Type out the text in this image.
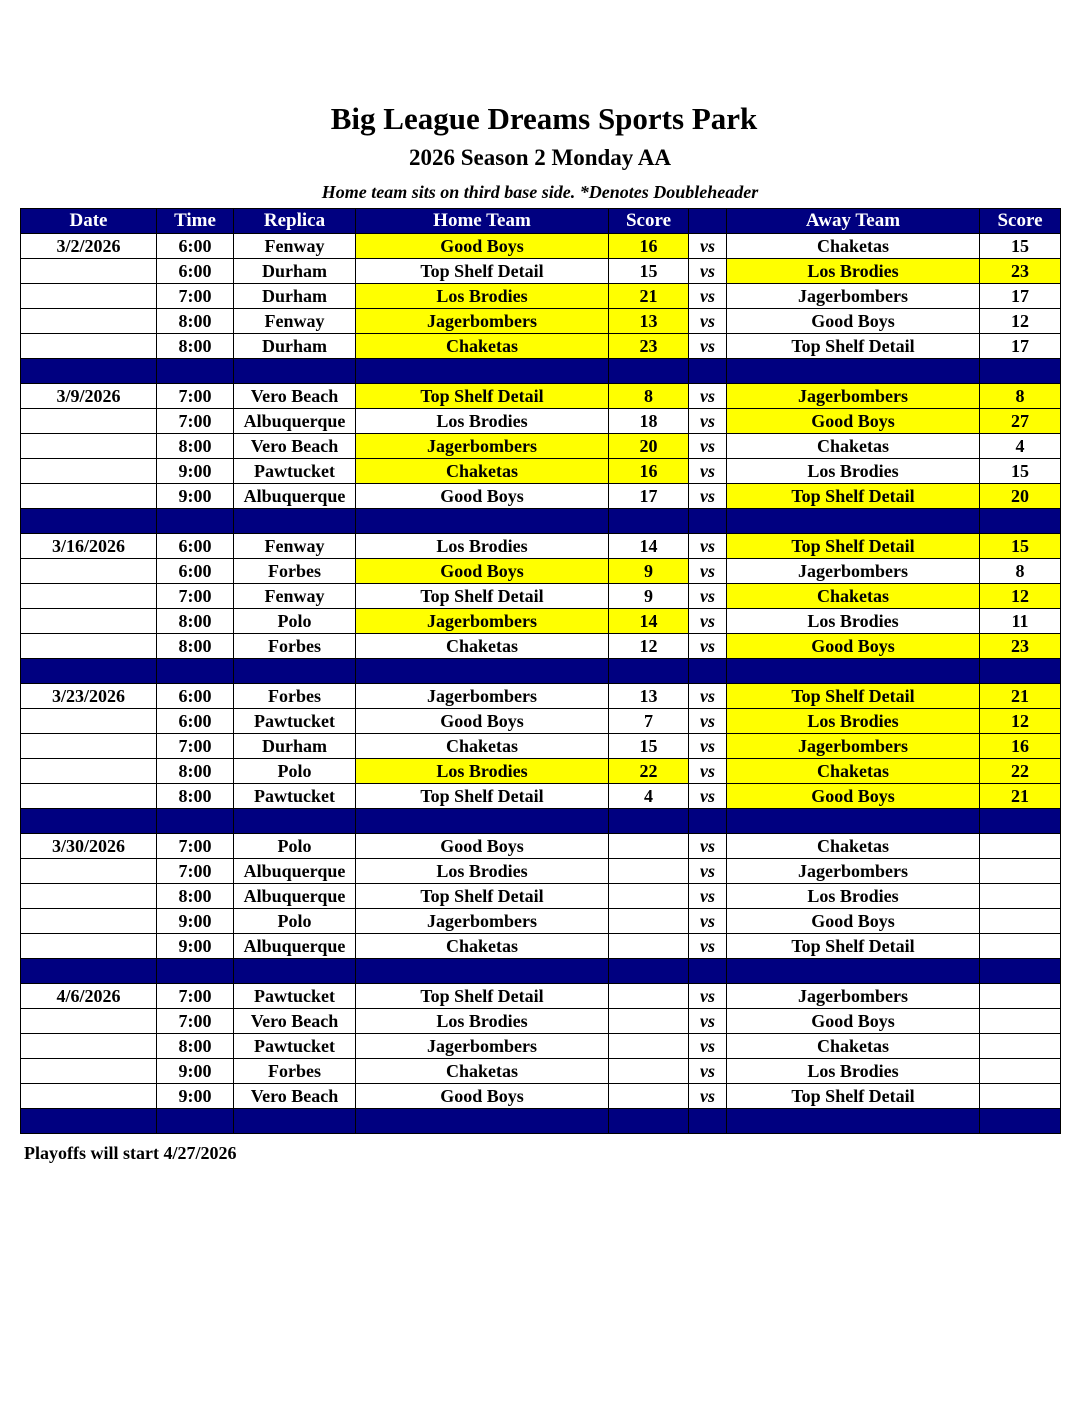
Big League Dreams Sports Park
2026 Season 2 Monday AA
Home team sits on third base side. *Denotes Doubleheader
Date	Time	Replica	Home Team	Score		Away Team	Score
3/2/2026	6:00	Fenway	Good Boys	16	vs	Chaketas	15
	6:00	Durham	Top Shelf Detail	15	vs	Los Brodies	23
	7:00	Durham	Los Brodies	21	vs	Jagerbombers	17
	8:00	Fenway	Jagerbombers	13	vs	Good Boys	12
	8:00	Durham	Chaketas	23	vs	Top Shelf Detail	17

3/9/2026	7:00	Vero Beach	Top Shelf Detail	8	vs	Jagerbombers	8
	7:00	Albuquerque	Los Brodies	18	vs	Good Boys	27
	8:00	Vero Beach	Jagerbombers	20	vs	Chaketas	4
	9:00	Pawtucket	Chaketas	16	vs	Los Brodies	15
	9:00	Albuquerque	Good Boys	17	vs	Top Shelf Detail	20

3/16/2026	6:00	Fenway	Los Brodies	14	vs	Top Shelf Detail	15
	6:00	Forbes	Good Boys	9	vs	Jagerbombers	8
	7:00	Fenway	Top Shelf Detail	9	vs	Chaketas	12
	8:00	Polo	Jagerbombers	14	vs	Los Brodies	11
	8:00	Forbes	Chaketas	12	vs	Good Boys	23

3/23/2026	6:00	Forbes	Jagerbombers	13	vs	Top Shelf Detail	21
	6:00	Pawtucket	Good Boys	7	vs	Los Brodies	12
	7:00	Durham	Chaketas	15	vs	Jagerbombers	16
	8:00	Polo	Los Brodies	22	vs	Chaketas	22
	8:00	Pawtucket	Top Shelf Detail	4	vs	Good Boys	21

3/30/2026	7:00	Polo	Good Boys		vs	Chaketas	
	7:00	Albuquerque	Los Brodies		vs	Jagerbombers	
	8:00	Albuquerque	Top Shelf Detail		vs	Los Brodies	
	9:00	Polo	Jagerbombers		vs	Good Boys	
	9:00	Albuquerque	Chaketas		vs	Top Shelf Detail	

4/6/2026	7:00	Pawtucket	Top Shelf Detail		vs	Jagerbombers	
	7:00	Vero Beach	Los Brodies		vs	Good Boys	
	8:00	Pawtucket	Jagerbombers		vs	Chaketas	
	9:00	Forbes	Chaketas		vs	Los Brodies	
	9:00	Vero Beach	Good Boys		vs	Top Shelf Detail	

Playoffs will start 4/27/2026
